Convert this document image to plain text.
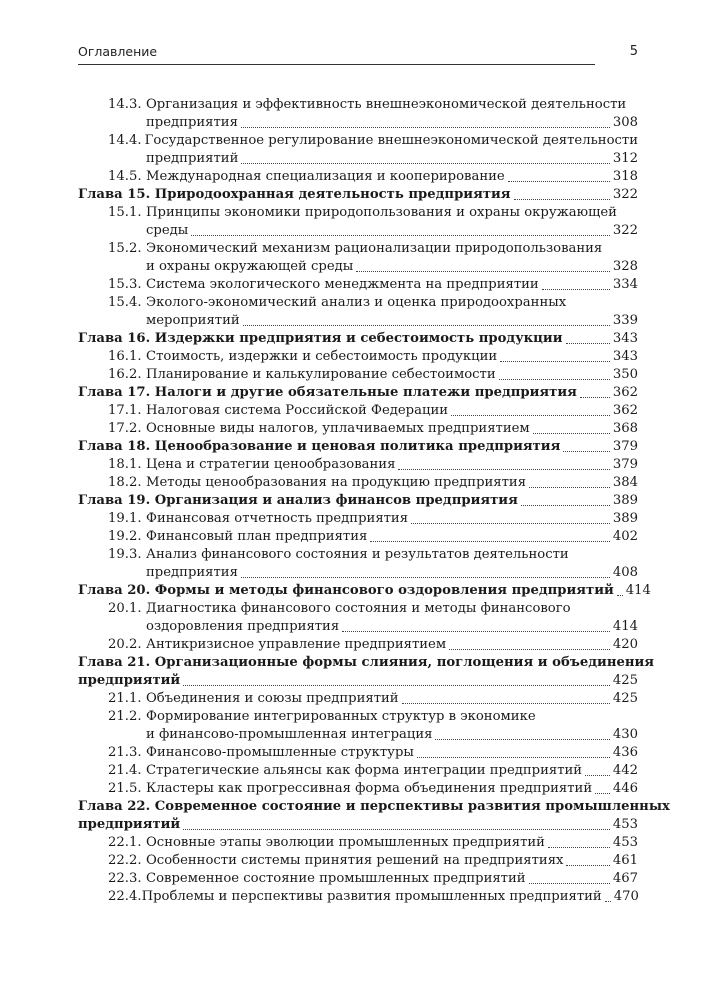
Оглавление	5
14.3. Организация и эффективность внешнеэкономической деятельности
предприятия	308
14.4. Государственное регулирование внешнеэкономической деятельности
предприятий	312
14.5. Международная специализация и кооперирование	318
Глава 15. Природоохранная деятельность предприятия	322
15.1. Принципы экономики природопользования и охраны окружающей
среды	322
15.2. Экономический механизм рационализации природопользования
и охраны окружающей среды	328
15.3. Система экологического менеджмента на предприятии	334
15.4. Эколого-экономический анализ и оценка природоохранных
мероприятий	339
Глава 16. Издержки предприятия и себестоимость продукции	343
16.1. Стоимость, издержки и себестоимость продукции	343
16.2. Планирование и калькулирование себестоимости	350
Глава 17. Налоги и другие обязательные платежи предприятия	362
17.1. Налоговая система Российской Федерации	362
17.2. Основные виды налогов, уплачиваемых предприятием	368
Глава 18. Ценообразование и ценовая политика предприятия	379
18.1. Цена и стратегии ценообразования	379
18.2. Методы ценообразования на продукцию предприятия	384
Глава 19. Организация и анализ финансов предприятия	389
19.1. Финансовая отчетность предприятия	389
19.2. Финансовый план предприятия	402
19.3. Анализ финансового состояния и результатов деятельности
предприятия	408
Глава 20. Формы и методы финансового оздоровления предприятий 414
20.1. Диагностика финансового состояния и методы финансового
оздоровления предприятия	414
20.2. Антикризисное управление предприятием	420
Глава 21. Организационные формы слияния, поглощения и объединения
предприятий	425
21.1. Объединения и союзы предприятий	425
21.2. Формирование интегрированных структур в экономике
и финансово-промышленная интеграция	430
21.3. Финансово-промышленные структуры	436
21.4. Стратегические альянсы как форма интеграции предприятий 442
21.5. Кластеры как прогрессивная форма объединения предприятий 446
Глава 22. Современное состояние и перспективы развития промышленных
предприятий	453
22.1. Основные этапы эволюции промышленных предприятий	453
22.2. Особенности системы принятия решений на предприятиях	461
22.3. Современное состояние промышленных предприятий	467
22.4. Проблемы и перспективы развития промышленных предприятий 470
